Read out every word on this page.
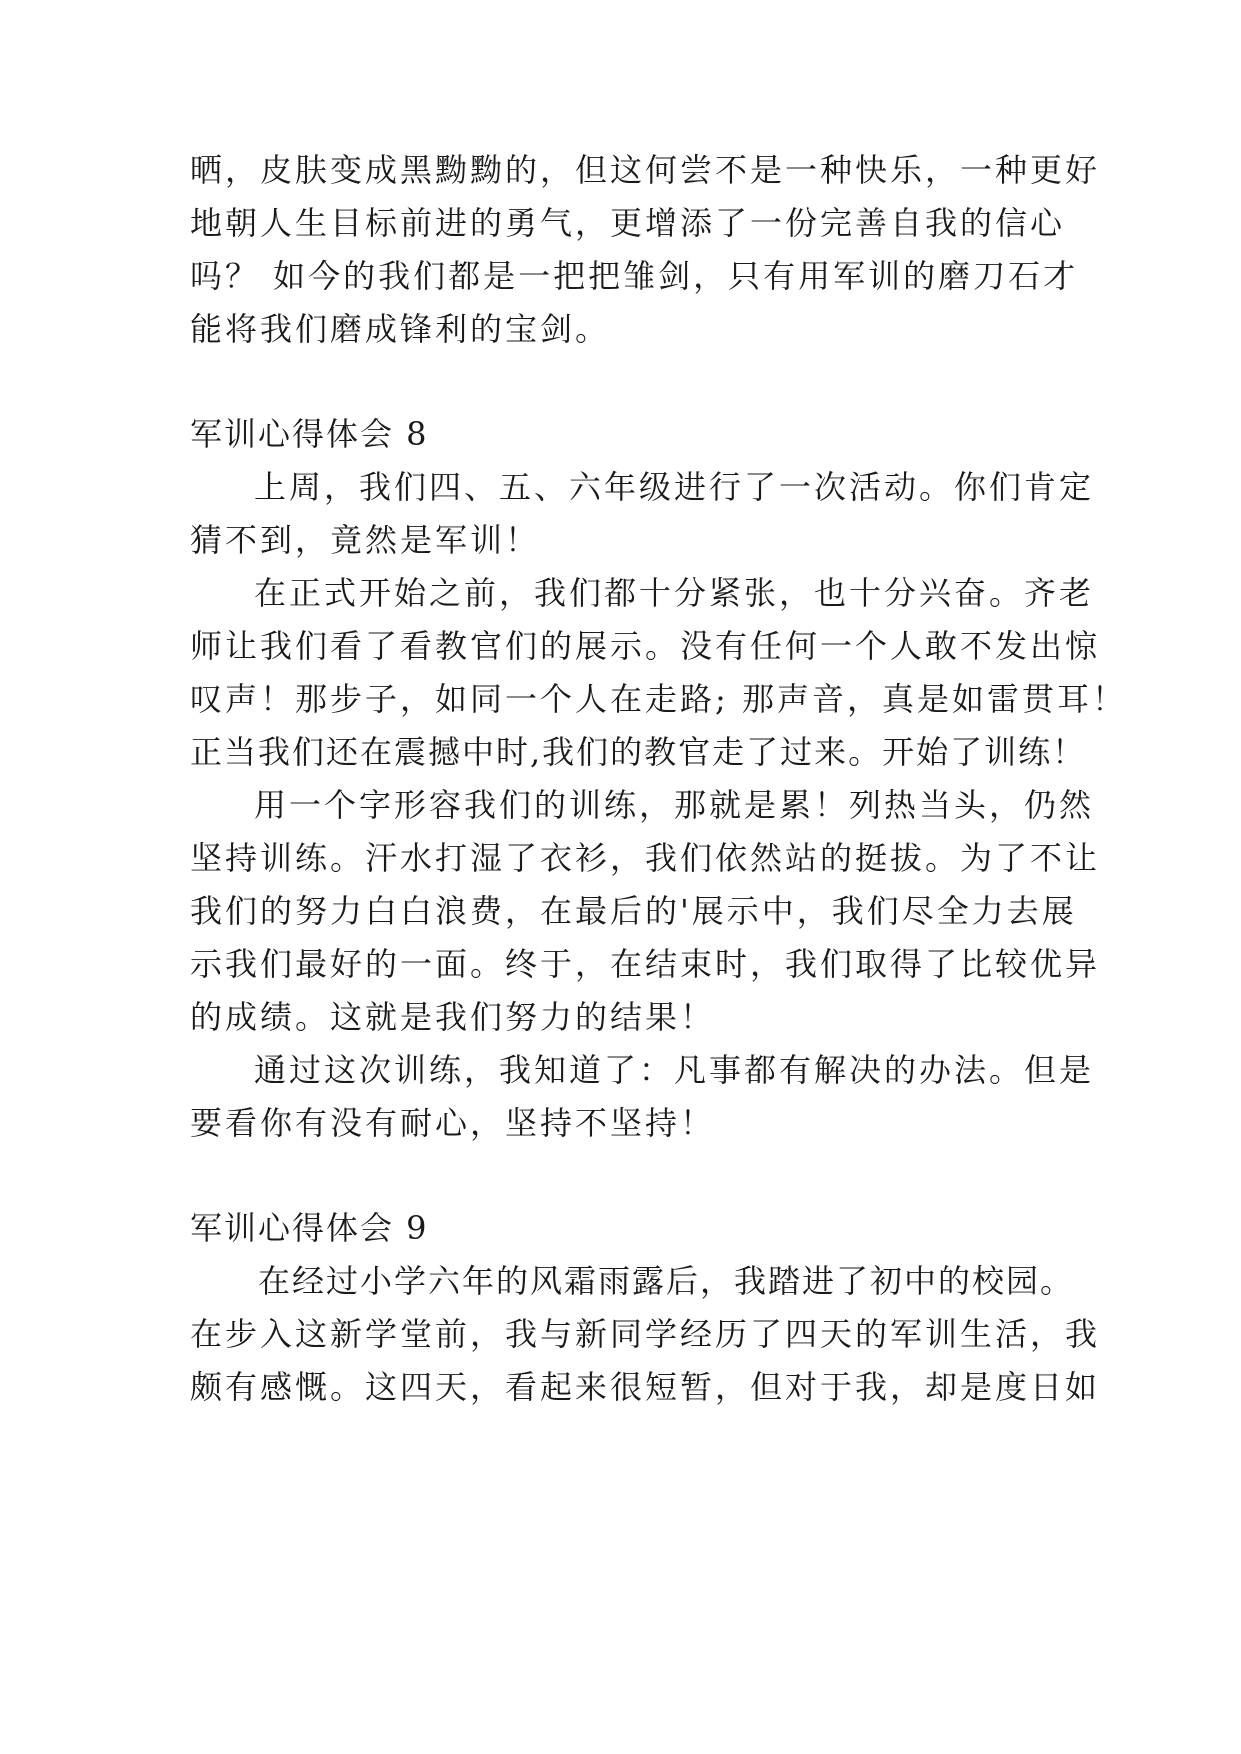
晒，皮肤变成黑黝黝的，但这何尝不是一种快乐，一种更好
地朝人生目标前进的勇气，更增添了一份完善自我的信心
吗？ 如今的我们都是一把把雏剑，只有用军训的磨刀石才
能将我们磨成锋利的宝剑。
军训心得体会 8
上周，我们四、五、六年级进行了一次活动。你们肯定
猜不到，竟然是军训！
在正式开始之前，我们都十分紧张，也十分兴奋。齐老
师让我们看了看教官们的展示。没有任何一个人敢不发出惊
叹声！那步子，如同一个人在走路; 那声音，真是如雷贯耳！
正当我们还在震撼中时,我们的教官走了过来。开始了训练！
用一个字形容我们的训练，那就是累！列热当头，仍然
坚持训练。汗水打湿了衣衫，我们依然站的挺拔。为了不让
我们的努力白白浪费，在最后的'展示中，我们尽全力去展
示我们最好的一面。终于，在结束时，我们取得了比较优异
的成绩。这就是我们努力的结果！
通过这次训练，我知道了：凡事都有解决的办法。但是
要看你有没有耐心，坚持不坚持！
军训心得体会 9
在经过小学六年的风霜雨露后，我踏进了初中的校园。
在步入这新学堂前，我与新同学经历了四天的军训生活，我
颇有感慨。这四天，看起来很短暂，但对于我，却是度日如
